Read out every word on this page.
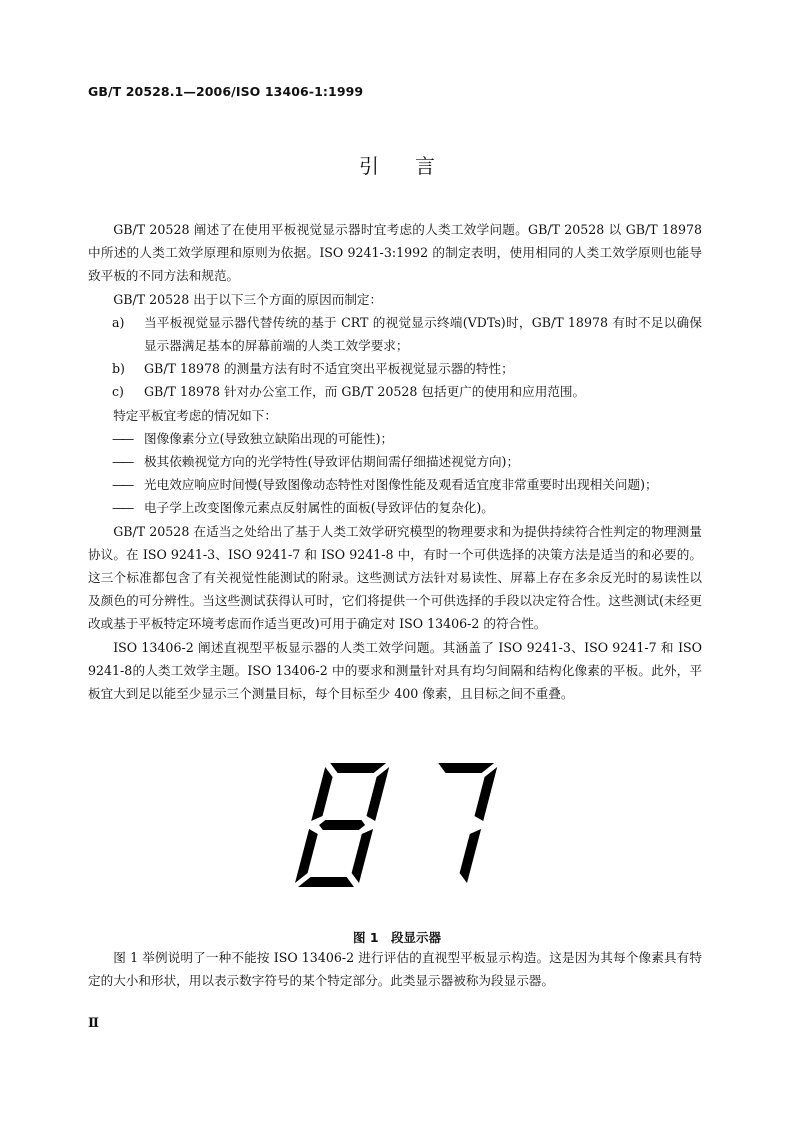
GB/T 20528.1—2006/ISO 13406-1:1999
引言

GB/T 20528 阐述了在使用平板视觉显示器时宜考虑的人类工效学问题。GB/T 20528 以 GB/T 18978中所述的人类工效学原理和原则为依据。ISO 9241-3:1992 的制定表明，使用相同的人类工效学原则也能导致平板的不同方法和规范。

GB/T 20528 出于以下三个方面的原因而制定：

a)	当平板视觉显示器代替传统的基于 CRT 的视觉显示终端(VDTs)时，GB/T 18978 有时不足以确保显示器满足基本的屏幕前端的人类工效学要求；
b)	GB/T 18978 的测量方法有时不适宜突出平板视觉显示器的特性；
c)	GB/T 18978 针对办公室工作，而 GB/T 20528 包括更广的使用和应用范围。

特定平板宜考虑的情况如下：

——	图像像素分立(导致独立缺陷出现的可能性)；
——	极其依赖视觉方向的光学特性(导致评估期间需仔细描述视觉方向)；
——	光电效应响应时间慢(导致图像动态特性对图像性能及观看适宜度非常重要时出现相关问题)；
——	电子学上改变图像元素点反射属性的面板(导致评估的复杂化)。

GB/T 20528 在适当之处给出了基于人类工效学研究模型的物理要求和为提供持续符合性判定的物理测量协议。在 ISO 9241-3、ISO 9241-7 和 ISO 9241-8 中，有时一个可供选择的决策方法是适当的和必要的。这三个标准都包含了有关视觉性能测试的附录。这些测试方法针对易读性、屏幕上存在多余反光时的易读性以及颜色的可分辨性。当这些测试获得认可时，它们将提供一个可供选择的手段以决定符合性。这些测试(未经更改或基于平板特定环境考虑而作适当更改)可用于确定对 ISO 13406-2 的符合性。

ISO 13406-2 阐述直视型平板显示器的人类工效学问题。其涵盖了 ISO 9241-3、ISO 9241-7 和 ISO 9241-8的人类工效学主题。ISO 13406-2 中的要求和测量针对具有均匀间隔和结构化像素的平板。此外，平板宜大到足以能至少显示三个测量目标，每个目标至少 400 像素，且目标之间不重叠。

图 1　段显示器

图 1 举例说明了一种不能按 ISO 13406-2 进行评估的直视型平板显示构造。这是因为其每个像素具有特定的大小和形状，用以表示数字符号的某个特定部分。此类显示器被称为段显示器。

Ⅱ
